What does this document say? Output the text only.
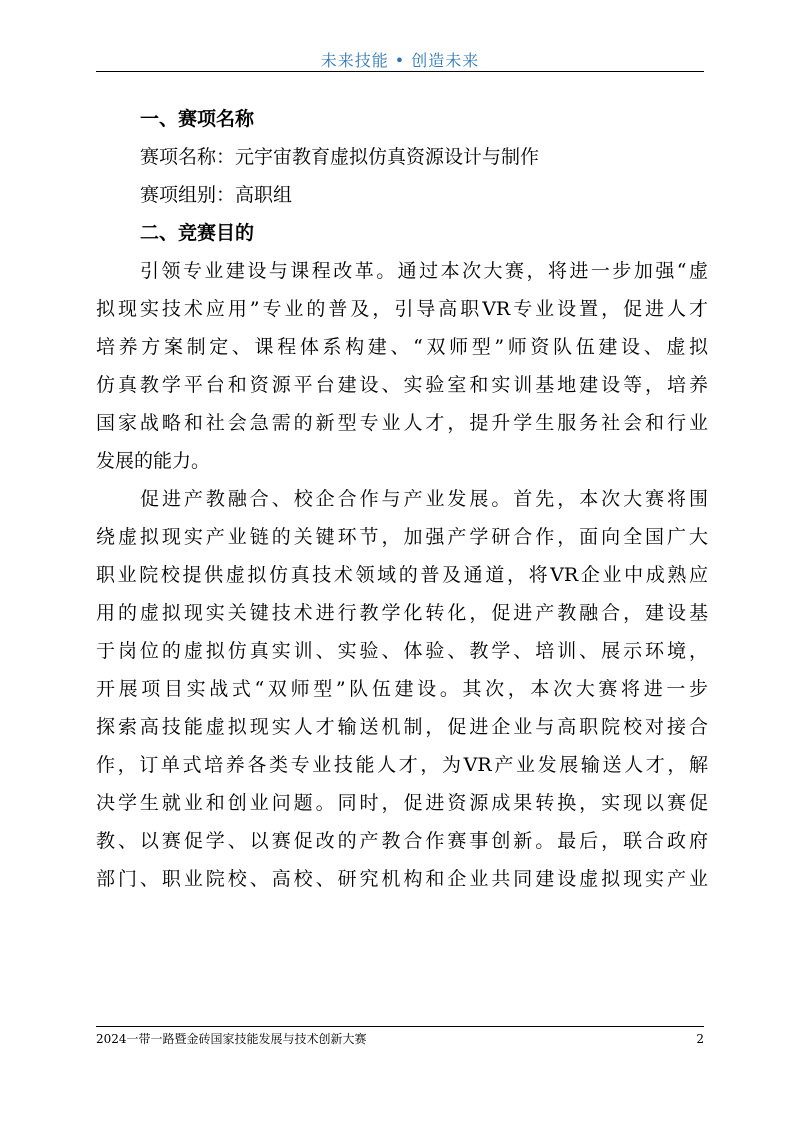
未来技能 • 创造未来

一、赛项名称

赛项名称：元宇宙教育虚拟仿真资源设计与制作

赛项组别：高职组

二、竞赛目的

引领专业建设与课程改革。通过本次大赛，将进一步加强“虚
拟现实技术应用”专业的普及，引导高职VR专业设置，促进人才
培养方案制定、课程体系构建、“双师型”师资队伍建设、虚拟
仿真教学平台和资源平台建设、实验室和实训基地建设等，培养
国家战略和社会急需的新型专业人才，提升学生服务社会和行业
发展的能力。
促进产教融合、校企合作与产业发展。首先，本次大赛将围
绕虚拟现实产业链的关键环节，加强产学研合作，面向全国广大
职业院校提供虚拟仿真技术领域的普及通道，将VR企业中成熟应
用的虚拟现实关键技术进行教学化转化，促进产教融合，建设基
于岗位的虚拟仿真实训、实验、体验、教学、培训、展示环境，
开展项目实战式“双师型”队伍建设。其次，本次大赛将进一步
探索高技能虚拟现实人才输送机制，促进企业与高职院校对接合
作，订单式培养各类专业技能人才，为VR产业发展输送人才，解
决学生就业和创业问题。同时，促进资源成果转换，实现以赛促
教、以赛促学、以赛促改的产教合作赛事创新。最后，联合政府
部门、职业院校、高校、研究机构和企业共同建设虚拟现实产业
2024一带一路暨金砖国家技能发展与技术创新大赛	2
